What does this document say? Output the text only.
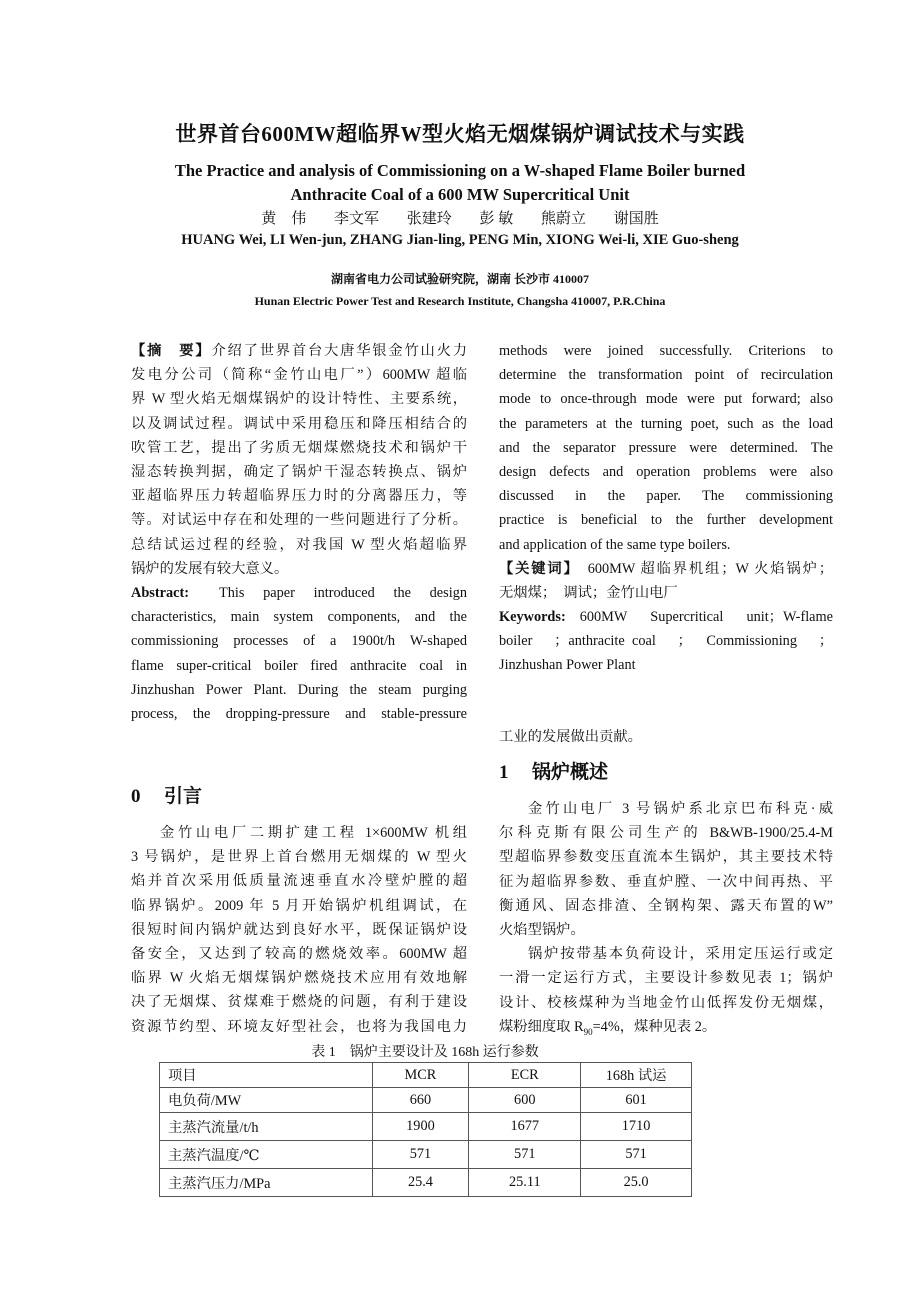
世界首台600MW超临界W型火焰无烟煤锅炉调试技术与实践
The Practice and analysis of Commissioning on a W-shaped Flame Boiler burned
Anthracite Coal of a 600 MW Supercritical Unit
黄　伟 李文军 张建玲 彭 敏 熊蔚立 谢国胜
HUANG Wei, LI Wen-jun, ZHANG Jian-ling, PENG Min, XIONG Wei-li, XIE Guo-sheng
湖南省电力公司试验研究院，湖南 长沙市 410007
Hunan Electric Power Test and Research Institute, Changsha 410007, P.R.China
【摘　要】介绍了世界首台大唐华银金竹山火力
发电分公司（简称“金竹山电厂”）600MW 超临
界 W 型火焰无烟煤锅炉的设计特性、主要系统，
以及调试过程。调试中采用稳压和降压相结合的
吹管工艺，提出了劣质无烟煤燃烧技术和锅炉干
湿态转换判据，确定了锅炉干湿态转换点、锅炉
亚超临界压力转超临界压力时的分离器压力，等
等。对试运中存在和处理的一些问题进行了分析。
总结试运过程的经验，对我国 W 型火焰超临界
锅炉的发展有较大意义。
Abstract: This paper introduced the design
characteristics, main system components, and the
commissioning processes of a 1900t/h W-shaped
flame super-critical boiler fired anthracite coal in
Jinzhushan Power Plant. During the steam purging
process, the dropping-pressure and stable-pressure
0 引言
金竹山电厂二期扩建工程 1×600MW 机组
3 号锅炉，是世界上首台燃用无烟煤的 W 型火
焰并首次采用低质量流速垂直水冷壁炉膛的超
临界锅炉。2009 年 5 月开始锅炉机组调试，在
很短时间内锅炉就达到良好水平，既保证锅炉设
备安全，又达到了较高的燃烧效率。600MW 超
临界 W 火焰无烟煤锅炉燃烧技术应用有效地解
决了无烟煤、贫煤难于燃烧的问题，有利于建设
资源节约型、环境友好型社会，也将为我国电力
methods were joined successfully. Criterions to
determine the transformation point of recirculation
mode to once-through mode were put forward; also
the parameters at the turning poet, such as the load
and the separator pressure were determined. The
design defects and operation problems were also
discussed in the paper. The commissioning
practice is beneficial to the further development
and application of the same type boilers.
【关键词】 600MW 超临界机组；W 火焰锅炉；
无烟煤；　调试；金竹山电厂
Keywords: 600MW Supercritical unit；W-flame
boiler　；anthracite coal　；　Commissioning　；
Jinzhushan Power Plant
工业的发展做出贡献。
1 锅炉概述
金竹山电厂 3 号锅炉系北京巴布科克·威
尔科克斯有限公司生产的 B&WB-1900/25.4-M
型超临界参数变压直流本生锅炉，其主要技术特
征为超临界参数、垂直炉膛、一次中间再热、平
衡通风、固态排渣、全钢构架、露天布置的W”
火焰型锅炉。
锅炉按带基本负荷设计，采用定压运行或定
一滑一定运行方式，主要设计参数见表 1；锅炉
设计、校核煤种为当地金竹山低挥发份无烟煤，
煤粉细度取 $R_{90}=4\%$，煤种见表 2。
表 1　锅炉主要设计及 168h 运行参数
项目	MCR	ECR	168h 试运
电负荷/MW	660	600	601
主蒸汽流量/t/h	1900	1677	1710
主蒸汽温度/℃	571	571	571
主蒸汽压力/MPa	25.4	25.11	25.0
